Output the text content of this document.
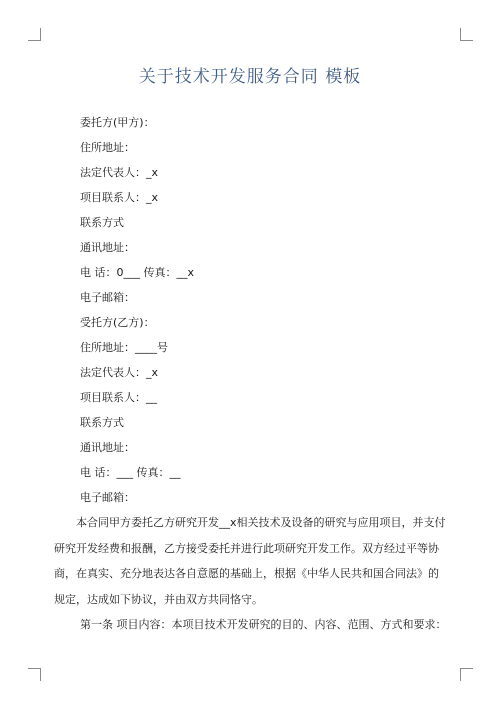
关于技术开发服务合同 模板
委托方(甲方)：
住所地址：
法定代表人：_x
项目联系人：_x
联系方式
通讯地址：
电 话：0___ 传真：__x
电子邮箱：
受托方(乙方)：
住所地址：____号
法定代表人：_x
项目联系人：__
联系方式
通讯地址：
电 话：___ 传真：__
电子邮箱：
本合同甲方委托乙方研究开发__x相关技术及设备的研究与应用项目，并支付研究开发经费和报酬，乙方接受委托并进行此项研究开发工作。双方经过平等协商，在真实、充分地表达各自意愿的基础上，根据《中华人民共和国合同法》的规定，达成如下协议，并由双方共同恪守。
第一条 项目内容：本项目技术开发研究的目的、内容、范围、方式和要求：
